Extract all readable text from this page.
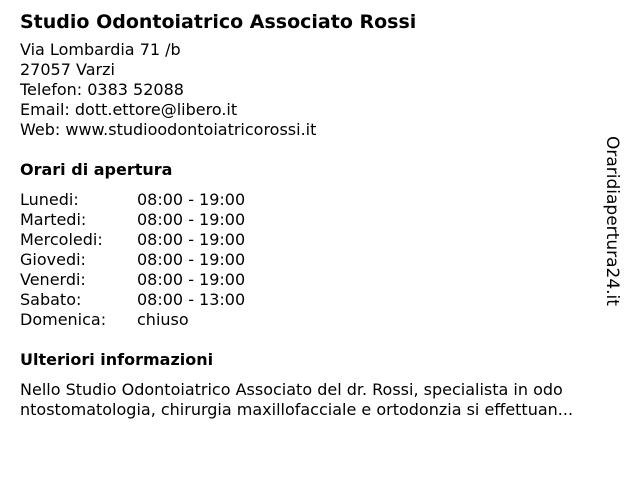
Studio Odontoiatrico Associato Rossi
Via Lombardia 71 /b
27057 Varzi
Telefon: 0383 52088
Email: dott.ettore@libero.it
Web: www.studioodontoiatricorossi.it
Orari di apertura
Lunedi:	08:00 - 19:00
Martedi:	08:00 - 19:00
Mercoledi:	08:00 - 19:00
Giovedi:	08:00 - 19:00
Venerdi:	08:00 - 19:00
Sabato:	08:00 - 13:00
Domenica:	chiuso
Ulteriori informazioni
Nello Studio Odontoiatrico Associato del dr. Rossi, specialista in odo
ntostomatologia, chirurgia maxillofacciale e ortodonzia si effettuan...
Oraridiapertura24.it
